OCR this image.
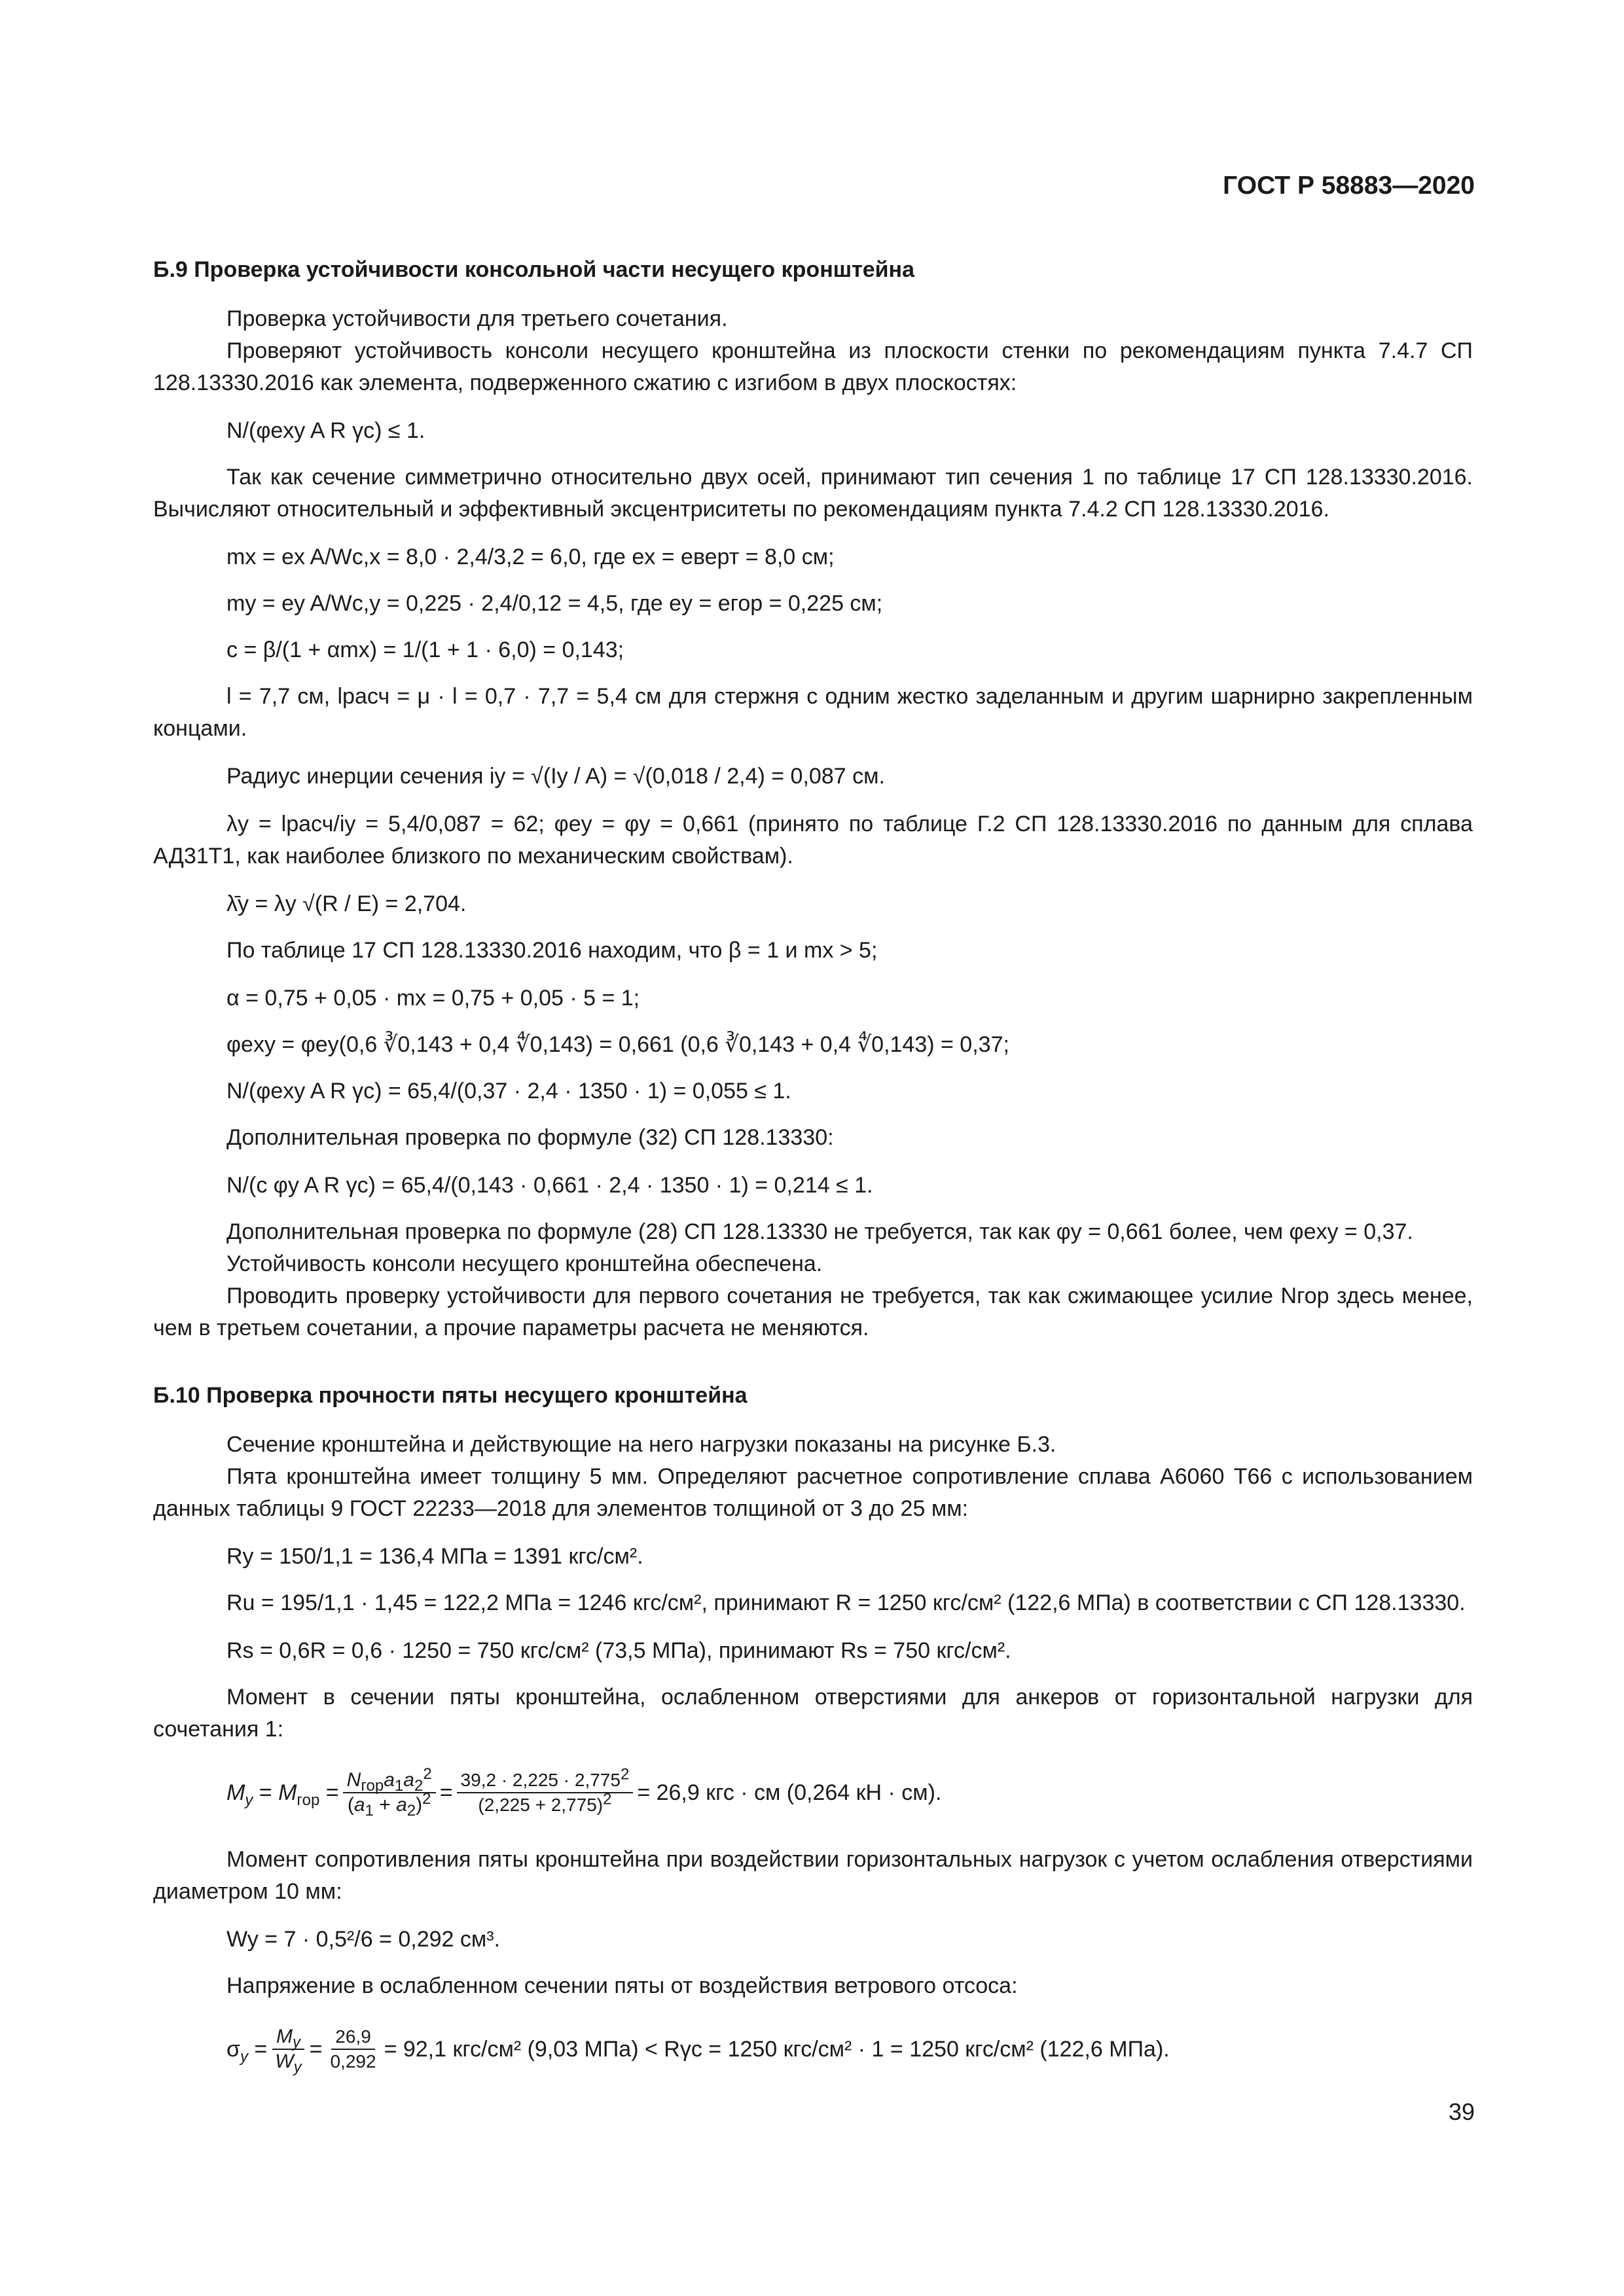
ГОСТ Р 58883—2020
Б.9 Проверка устойчивости консольной части несущего кронштейна
Проверка устойчивости для третьего сочетания.
Проверяют устойчивость консоли несущего кронштейна из плоскости стенки по рекомендациям пункта 7.4.7 СП 128.13330.2016 как элемента, подверженного сжатию с изгибом в двух плоскостях:
N/(φexy A R γc) ≤ 1.
Так как сечение симметрично относительно двух осей, принимают тип сечения 1 по таблице 17 СП 128.13330.2016. Вычисляют относительный и эффективный эксцентриситеты по рекомендациям пункта 7.4.2 СП 128.13330.2016.
mx = ex A/Wc,x = 8,0 · 2,4/3,2 = 6,0, где ex = eверт = 8,0 см;
my = ey A/Wc,y = 0,225 · 2,4/0,12 = 4,5, где ey = eгор = 0,225 см;
c = β/(1 + αmx) = 1/(1 + 1 · 6,0) = 0,143;
l = 7,7 см, lрасч = μ · l = 0,7 · 7,7 = 5,4 см для стержня с одним жестко заделанным и другим шарнирно закрепленным концами.
Радиус инерции сечения iy = √(Iy / A) = √(0,018 / 2,4) = 0,087 см.
λy = lрасч/iy = 5,4/0,087 = 62; φey = φy = 0,661 (принято по таблице Г.2 СП 128.13330.2016 по данным для сплава АД31Т1, как наиболее близкого по механическим свойствам).
λ̄y = λy √(R / E) = 2,704.
По таблице 17 СП 128.13330.2016 находим, что β = 1 и mx > 5;
α = 0,75 + 0,05 · mx = 0,75 + 0,05 · 5 = 1;
φexy = φey(0,6 ∛0,143 + 0,4 ∜0,143) = 0,661 (0,6 ∛0,143 + 0,4 ∜0,143) = 0,37;
N/(φexy A R γc) = 65,4/(0,37 · 2,4 · 1350 · 1) = 0,055 ≤ 1.
Дополнительная проверка по формуле (32) СП 128.13330:
N/(c φy A R γc) = 65,4/(0,143 · 0,661 · 2,4 · 1350 · 1) = 0,214 ≤ 1.
Дополнительная проверка по формуле (28) СП 128.13330 не требуется, так как φy = 0,661 более, чем φexy = 0,37.
Устойчивость консоли несущего кронштейна обеспечена.
Проводить проверку устойчивости для первого сочетания не требуется, так как сжимающее усилие Nгор здесь менее, чем в третьем сочетании, а прочие параметры расчета не меняются.
Б.10 Проверка прочности пяты несущего кронштейна
Сечение кронштейна и действующие на него нагрузки показаны на рисунке Б.3.
Пята кронштейна имеет толщину 5 мм. Определяют расчетное сопротивление сплава А6060 Т66 с использованием данных таблицы 9 ГОСТ 22233—2018 для элементов толщиной от 3 до 25 мм:
Ry = 150/1,1 = 136,4 МПа = 1391 кгс/см².
Ru = 195/1,1 · 1,45 = 122,2 МПа = 1246 кгс/см², принимают R = 1250 кгс/см² (122,6 МПа) в соответствии с СП 128.13330.
Rs = 0,6R = 0,6 · 1250 = 750 кгс/см² (73,5 МПа), принимают Rs = 750 кгс/см².
Момент в сечении пяты кронштейна, ослабленном отверстиями для анкеров от горизонтальной нагрузки для сочетания 1:
$M_y = M_{гор} = \frac{N_{гор}a_1a_2^2}{(a_1 + a_2)^2} = \frac{39,2 \cdot 2,225 \cdot 2,775^2}{(2,225 + 2,775)^2} = 26,9$ кгс · см (0,264 кН · см).
Момент сопротивления пяты кронштейна при воздействии горизонтальных нагрузок с учетом ослабления отверстиями диаметром 10 мм:
Wy = 7 · 0,5²/6 = 0,292 см³.
Напряжение в ослабленном сечении пяты от воздействия ветрового отсоса:
$\sigma_y = \frac{M_y}{W_y} = \frac{26,9}{0,292} = 92,1$ кгс/см² (9,03 МПа) < Rγc = 1250 кгс/см² · 1 = 1250 кгс/см² (122,6 МПа).
39
